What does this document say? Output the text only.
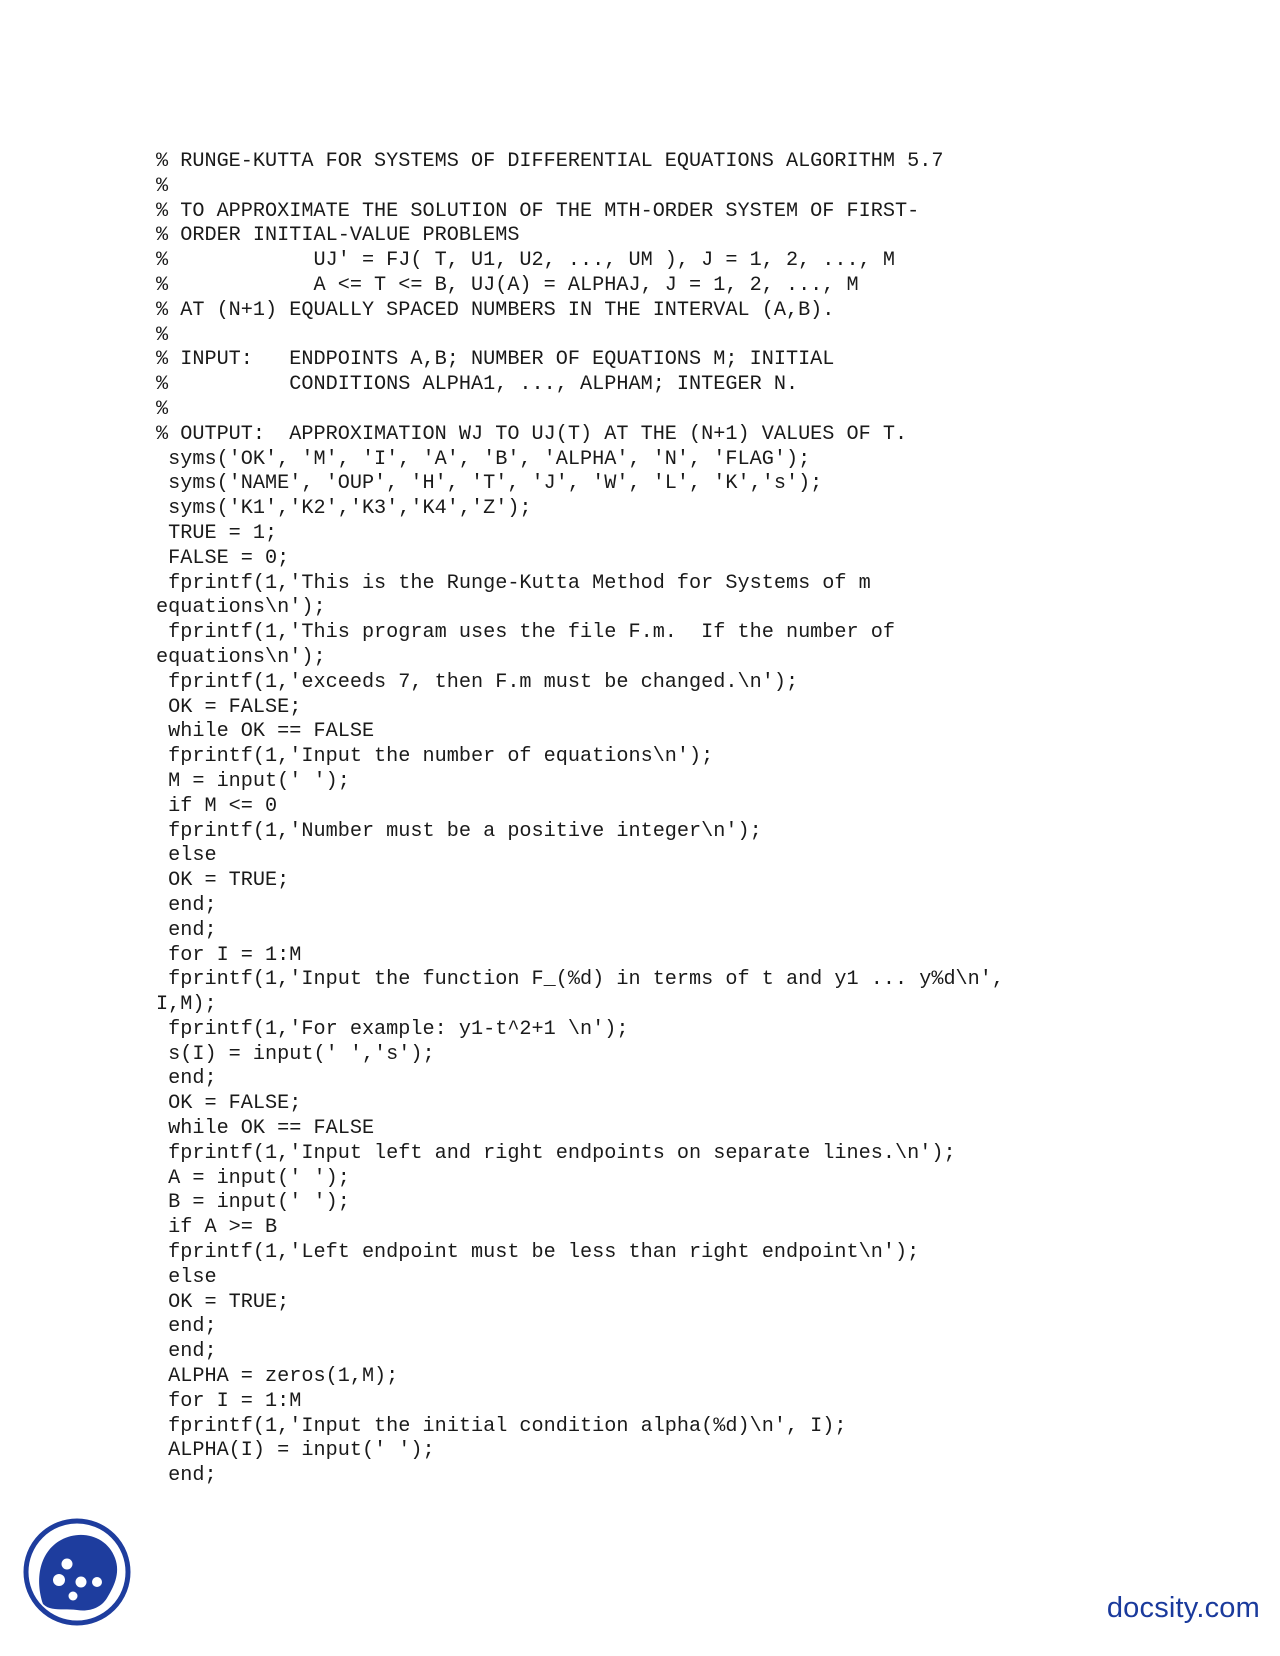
% RUNGE-KUTTA FOR SYSTEMS OF DIFFERENTIAL EQUATIONS ALGORITHM 5.7
%
% TO APPROXIMATE THE SOLUTION OF THE MTH-ORDER SYSTEM OF FIRST-
% ORDER INITIAL-VALUE PROBLEMS
%            UJ' = FJ( T, U1, U2, ..., UM ), J = 1, 2, ..., M
%            A <= T <= B, UJ(A) = ALPHAJ, J = 1, 2, ..., M
% AT (N+1) EQUALLY SPACED NUMBERS IN THE INTERVAL (A,B).
%
% INPUT:   ENDPOINTS A,B; NUMBER OF EQUATIONS M; INITIAL
%          CONDITIONS ALPHA1, ..., ALPHAM; INTEGER N.
%
% OUTPUT:  APPROXIMATION WJ TO UJ(T) AT THE (N+1) VALUES OF T.
syms('OK', 'M', 'I', 'A', 'B', 'ALPHA', 'N', 'FLAG');
syms('NAME', 'OUP', 'H', 'T', 'J', 'W', 'L', 'K','s');
syms('K1','K2','K3','K4','Z');
TRUE = 1;
FALSE = 0;
fprintf(1,'This is the Runge-Kutta Method for Systems of m
equations\n');
fprintf(1,'This program uses the file F.m.  If the number of
equations\n');
fprintf(1,'exceeds 7, then F.m must be changed.\n');
OK = FALSE;
while OK == FALSE
fprintf(1,'Input the number of equations\n');
M = input(' ');
if M <= 0
fprintf(1,'Number must be a positive integer\n');
else
OK = TRUE;
end;
end;
for I = 1:M
fprintf(1,'Input the function F_(%d) in terms of t and y1 ... y%d\n',
I,M);
fprintf(1,'For example: y1-t^2+1 \n');
s(I) = input(' ','s');
end;
OK = FALSE;
while OK == FALSE
fprintf(1,'Input left and right endpoints on separate lines.\n');
A = input(' ');
B = input(' ');
if A >= B
fprintf(1,'Left endpoint must be less than right endpoint\n');
else
OK = TRUE;
end;
end;
ALPHA = zeros(1,M);
for I = 1:M
fprintf(1,'Input the initial condition alpha(%d)\n', I);
ALPHA(I) = input(' ');
end;
docsity.com
